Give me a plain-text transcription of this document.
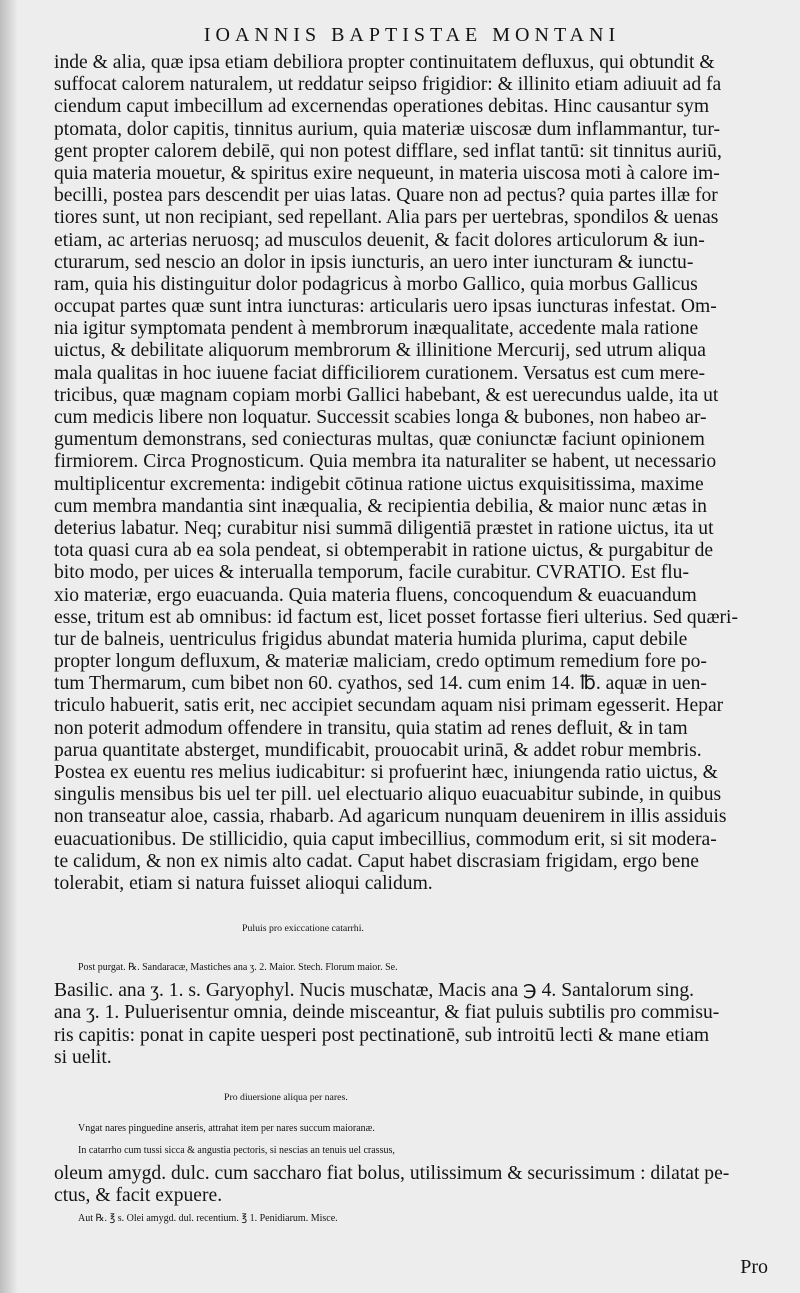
IOANNIS BAPTISTAE MONTANI
inde & alia, quæ ipsa etiam debiliora propter continuitatem defluxus, qui obtundit &
suffocat calorem naturalem, ut reddatur seipso frigidior: & illinito etiam adiuuit ad fa
ciendum caput imbecillum ad excernendas operationes debitas. Hinc causantur sym
ptomata, dolor capitis, tinnitus aurium, quia materiæ uiscosæ dum inflammantur, tur-
gent propter calorem debilē, qui non potest difflare, sed inflat tantū: sit tinnitus auriū,
quia materia mouetur, & spiritus exire nequeunt, in materia uiscosa moti à calore im-
becilli, postea pars descendit per uias latas. Quare non ad pectus? quia partes illæ for
tiores sunt, ut non recipiant, sed repellant. Alia pars per uertebras, spondilos & uenas
etiam, ac arterias neruosq; ad musculos deuenit, & facit dolores articulorum & iun-
cturarum, sed nescio an dolor in ipsis iuncturis, an uero inter iuncturam & iunctu-
ram, quia his distinguitur dolor podagricus à morbo Gallico, quia morbus Gallicus
occupat partes quæ sunt intra iuncturas: articularis uero ipsas iuncturas infestat. Om-
nia igitur symptomata pendent à membrorum inæqualitate, accedente mala ratione
uictus, & debilitate aliquorum membrorum & illinitione Mercurij, sed utrum aliqua
mala qualitas in hoc iuuene faciat difficiliorem curationem. Versatus est cum mere-
tricibus, quæ magnam copiam morbi Gallici habebant, & est uerecundus ualde, ita ut
cum medicis libere non loquatur. Successit scabies longa & bubones, non habeo ar-
gumentum demonstrans, sed coniecturas multas, quæ coniunctæ faciunt opinionem
firmiorem. Circa Prognosticum. Quia membra ita naturaliter se habent, ut necessario
multiplicentur excrementa: indigebit cōtinua ratione uictus exquisitissima, maxime
cum membra mandantia sint inæqualia, & recipientia debilia, & maior nunc ætas in
deterius labatur. Neq; curabitur nisi summā diligentiā præstet in ratione uictus, ita ut
tota quasi cura ab ea sola pendeat, si obtemperabit in ratione uictus, & purgabitur de
bito modo, per uices & interualla temporum, facile curabitur. CVRATIO. Est flu-
xio materiæ, ergo euacuanda. Quia materia fluens, concoquendum & euacuandum
esse, tritum est ab omnibus: id factum est, licet posset fortasse fieri ulterius. Sed quæri-
tur de balneis, uentriculus frigidus abundat materia humida plurima, caput debile
propter longum defluxum, & materiæ maliciam, credo optimum remedium fore po-
tum Thermarum, cum bibet non 60. cyathos, sed 14. cum enim 14. ℔. aquæ in uen-
triculo habuerit, satis erit, nec accipiet secundam aquam nisi primam egesserit. Hepar
non poterit admodum offendere in transitu, quia statim ad renes defluit, & in tam
parua quantitate absterget, mundificabit, prouocabit urinā, & addet robur membris.
Postea ex euentu res melius iudicabitur: si profuerint hæc, iniungenda ratio uictus, &
singulis mensibus bis uel ter pill. uel electuario aliquo euacuabitur subinde, in quibus
non transeatur aloe, cassia, rhabarb. Ad agaricum nunquam deuenirem in illis assiduis
euacuationibus. De stillicidio, quia caput imbecillius, commodum erit, si sit modera-
te calidum, & non ex nimis alto cadat. Caput habet discrasiam frigidam, ergo bene
tolerabit, etiam si natura fuisset alioqui calidum.
Puluis pro exiccatione catarrhi.
Post purgat. ℞. Sandaracæ, Mastiches ana ʒ. 2. Maior. Stech. Florum maior. Se.
Basilic. ana ʒ. 1. s. Garyophyl. Nucis muschatæ, Macis ana ℈ 4. Santalorum sing.
ana ʒ. 1. Puluerisentur omnia, deinde misceantur, & fiat puluis subtilis pro commisu-
ris capitis: ponat in capite uesperi post pectinationē, sub introitū lecti & mane etiam
si uelit.
Pro diuersione aliqua per nares.
Vngat nares pinguedine anseris, attrahat item per nares succum maioranæ.
In catarrho cum tussi sicca & angustia pectoris, si nescias an tenuis uel crassus,
oleum amygd. dulc. cum saccharo fiat bolus, utilissimum & securissimum : dilatat pe-
ctus, & facit expuere.
Aut ℞. ℥ s. Olei amygd. dul. recentium. ℥ 1. Penidiarum. Misce.
Pro
